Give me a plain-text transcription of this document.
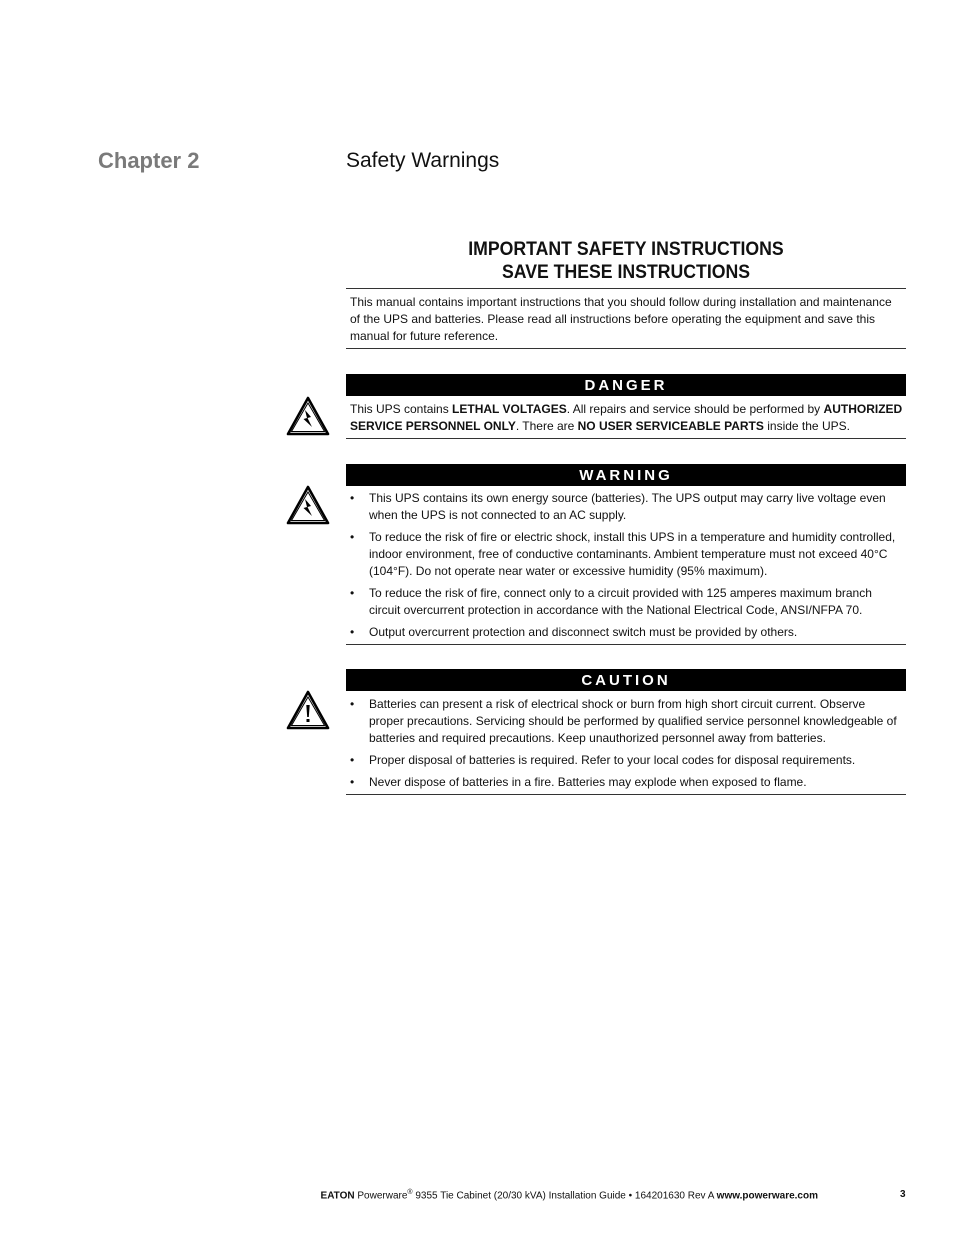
Chapter 2	Safety Warnings
IMPORTANT SAFETY INSTRUCTIONS
SAVE THESE INSTRUCTIONS
This manual contains important instructions that you should follow during installation and maintenance of the UPS and batteries. Please read all instructions before operating the equipment and save this manual for future reference.
DANGER
This UPS contains LETHAL VOLTAGES. All repairs and service should be performed by AUTHORIZED SERVICE PERSONNEL ONLY. There are NO USER SERVICEABLE PARTS inside the UPS.
WARNING
• This UPS contains its own energy source (batteries). The UPS output may carry live voltage even when the UPS is not connected to an AC supply.
• To reduce the risk of fire or electric shock, install this UPS in a temperature and humidity controlled, indoor environment, free of conductive contaminants. Ambient temperature must not exceed 40°C (104°F). Do not operate near water or excessive humidity (95% maximum).
• To reduce the risk of fire, connect only to a circuit provided with 125 amperes maximum branch circuit overcurrent protection in accordance with the National Electrical Code, ANSI/NFPA 70.
• Output overcurrent protection and disconnect switch must be provided by others.
CAUTION
• Batteries can present a risk of electrical shock or burn from high short circuit current. Observe proper precautions. Servicing should be performed by qualified service personnel knowledgeable of batteries and required precautions. Keep unauthorized personnel away from batteries.
• Proper disposal of batteries is required. Refer to your local codes for disposal requirements.
• Never dispose of batteries in a fire. Batteries may explode when exposed to flame.
EATON Powerware® 9355 Tie Cabinet (20/30 kVA) Installation Guide • 164201630 Rev A www.powerware.com	3
